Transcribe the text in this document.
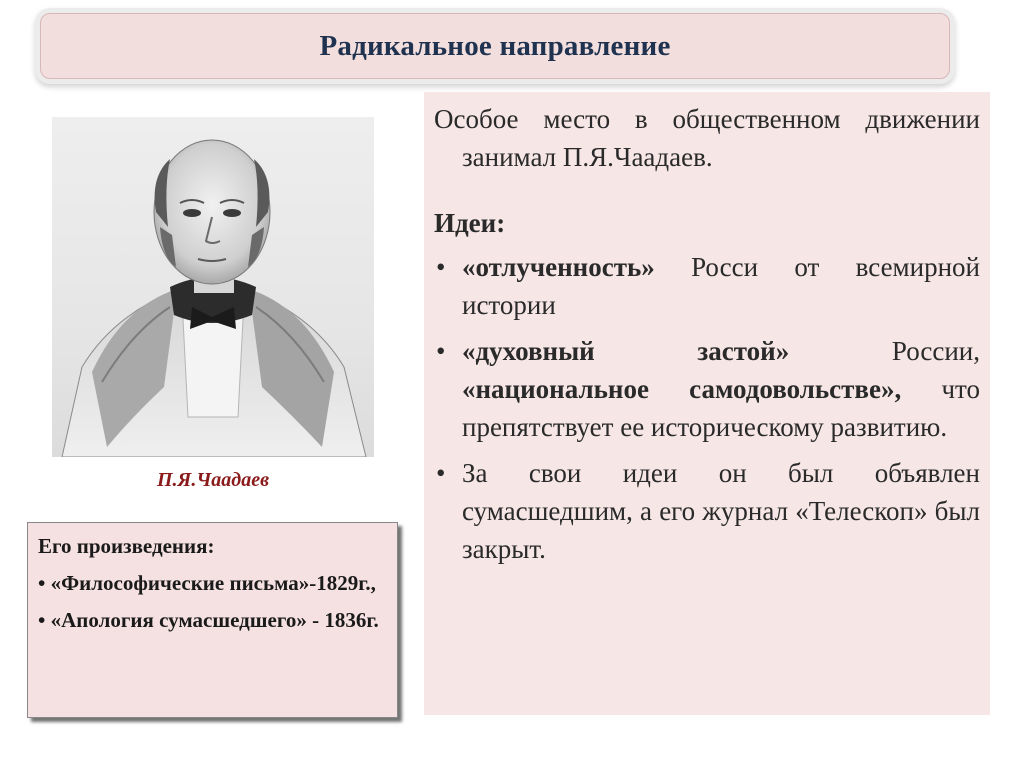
Радикальное направление
П.Я.Чаадаев
Его произведения:
• «Философические письма»-1829г.,
• «Апология сумасшедшего» - 1836г.

Особое место в общественном движении занимал П.Я.Чаадаев.

Идеи:

• «отлученность» Росси от всемирной истории

• «духовный застой» России, «национальное самодовольстве», что препятствует ее историческому развитию.

• За свои идеи он был объявлен сумасшедшим, а его журнал «Телескоп» был закрыт.
